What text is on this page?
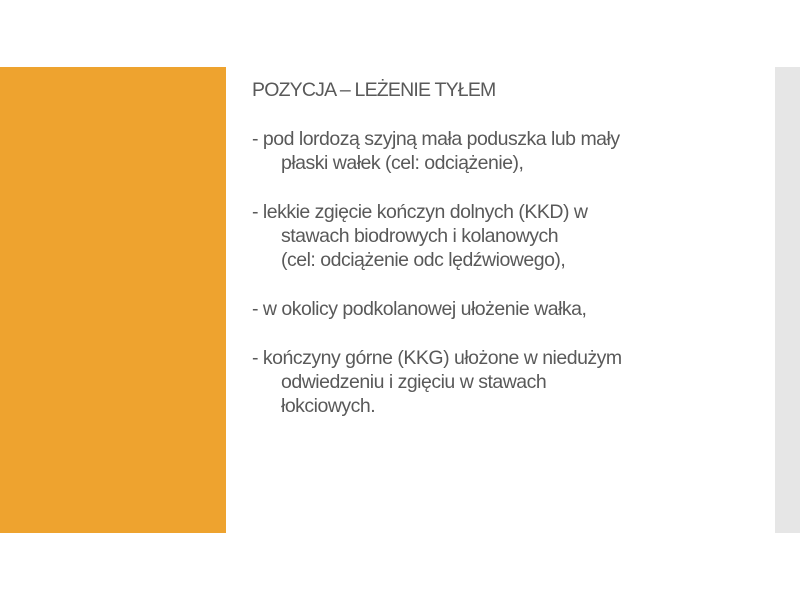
POZYCJA – LEŻENIE TYŁEM
- pod lordozą szyjną mała poduszka lub mały
płaski wałek (cel: odciążenie),
- lekkie zgięcie kończyn dolnych (KKD) w
stawach biodrowych i kolanowych
(cel: odciążenie odc lędźwiowego),
- w okolicy podkolanowej ułożenie wałka,
- kończyny górne (KKG) ułożone w niedużym
odwiedzeniu i zgięciu w stawach
łokciowych.
